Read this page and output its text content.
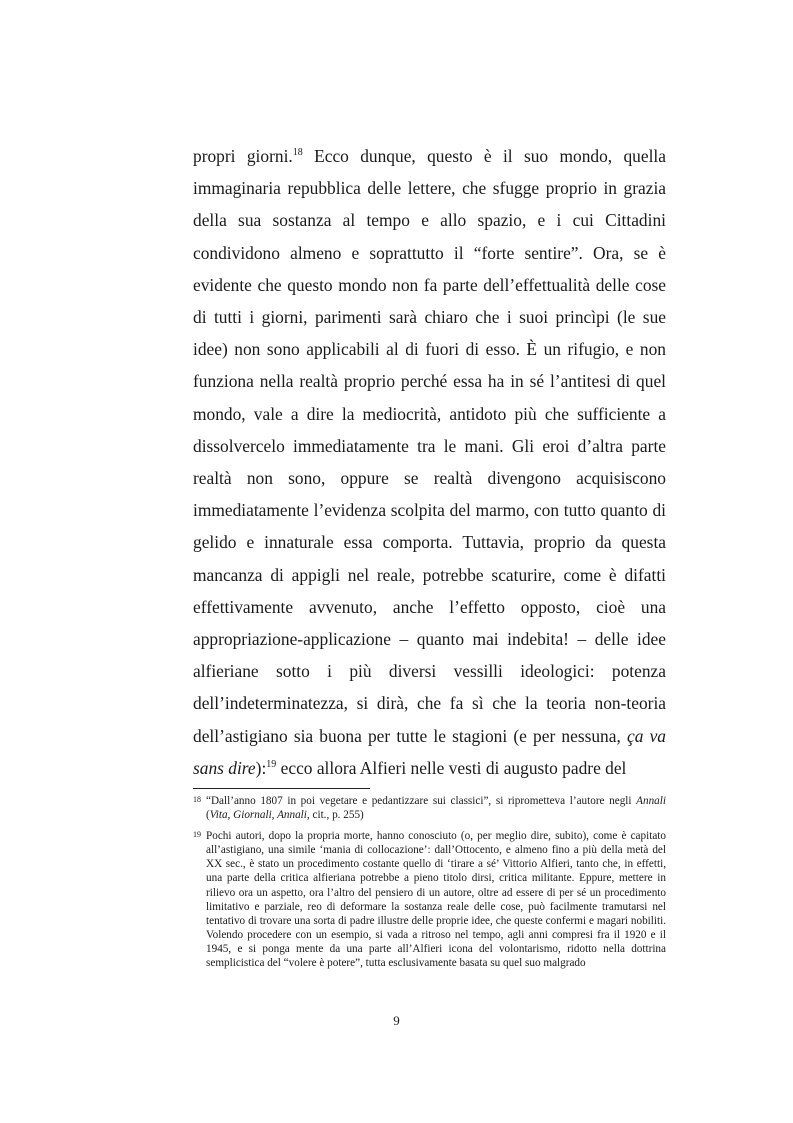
propri giorni.$^{18}$ Ecco dunque, questo è il suo mondo, quella immaginaria repubblica delle lettere, che sfugge proprio in grazia della sua sostanza al tempo e allo spazio, e i cui Cittadini condividono almeno e soprattutto il “forte sentire”. Ora, se è evidente che questo mondo non fa parte dell’effettualità delle cose di tutti i giorni, parimenti sarà chiaro che i suoi princìpi (le sue idee) non sono applicabili al di fuori di esso. È un rifugio, e non funziona nella realtà proprio perché essa ha in sé l’antitesi di quel mondo, vale a dire la mediocrità, antidoto più che sufficiente a dissolvercelo immediatamente tra le mani. Gli eroi d’altra parte realtà non sono, oppure se realtà divengono acquisiscono immediatamente l’evidenza scolpita del marmo, con tutto quanto di gelido e innaturale essa comporta. Tuttavia, proprio da questa mancanza di appigli nel reale, potrebbe scaturire, come è difatti effettivamente avvenuto, anche l’effetto opposto, cioè una appropriazione-applicazione – quanto mai indebita! – delle idee alfieriane sotto i più diversi vessilli ideologici: potenza dell’indeterminatezza, si dirà, che fa sì che la teoria non-teoria dell’astigiano sia buona per tutte le stagioni (e per nessuna, ça va sans dire):$^{19}$ ecco allora Alfieri nelle vesti di augusto padre del

18 “Dall’anno 1807 in poi vegetare e pedantizzare sui classici”, si riprometteva l’autore negli Annali (Vita, Giornali, Annali, cit., p. 255)
19 Pochi autori, dopo la propria morte, hanno conosciuto (o, per meglio dire, subito), come è capitato all’astigiano, una simile ‘mania di collocazione’: dall’Ottocento, e almeno fino a più della metà del XX sec., è stato un procedimento costante quello di ‘tirare a sé’ Vittorio Alfieri, tanto che, in effetti, una parte della critica alfieriana potrebbe a pieno titolo dirsi, critica militante. Eppure, mettere in rilievo ora un aspetto, ora l’altro del pensiero di un autore, oltre ad essere di per sé un procedimento limitativo e parziale, reo di deformare la sostanza reale delle cose, può facilmente tramutarsi nel tentativo di trovare una sorta di padre illustre delle proprie idee, che queste confermi e magari nobiliti. Volendo procedere con un esempio, si vada a ritroso nel tempo, agli anni compresi fra il 1920 e il 1945, e si ponga mente da una parte all’Alfieri icona del volontarismo, ridotto nella dottrina semplicistica del “volere è potere”, tutta esclusivamente basata su quel suo malgrado
9
